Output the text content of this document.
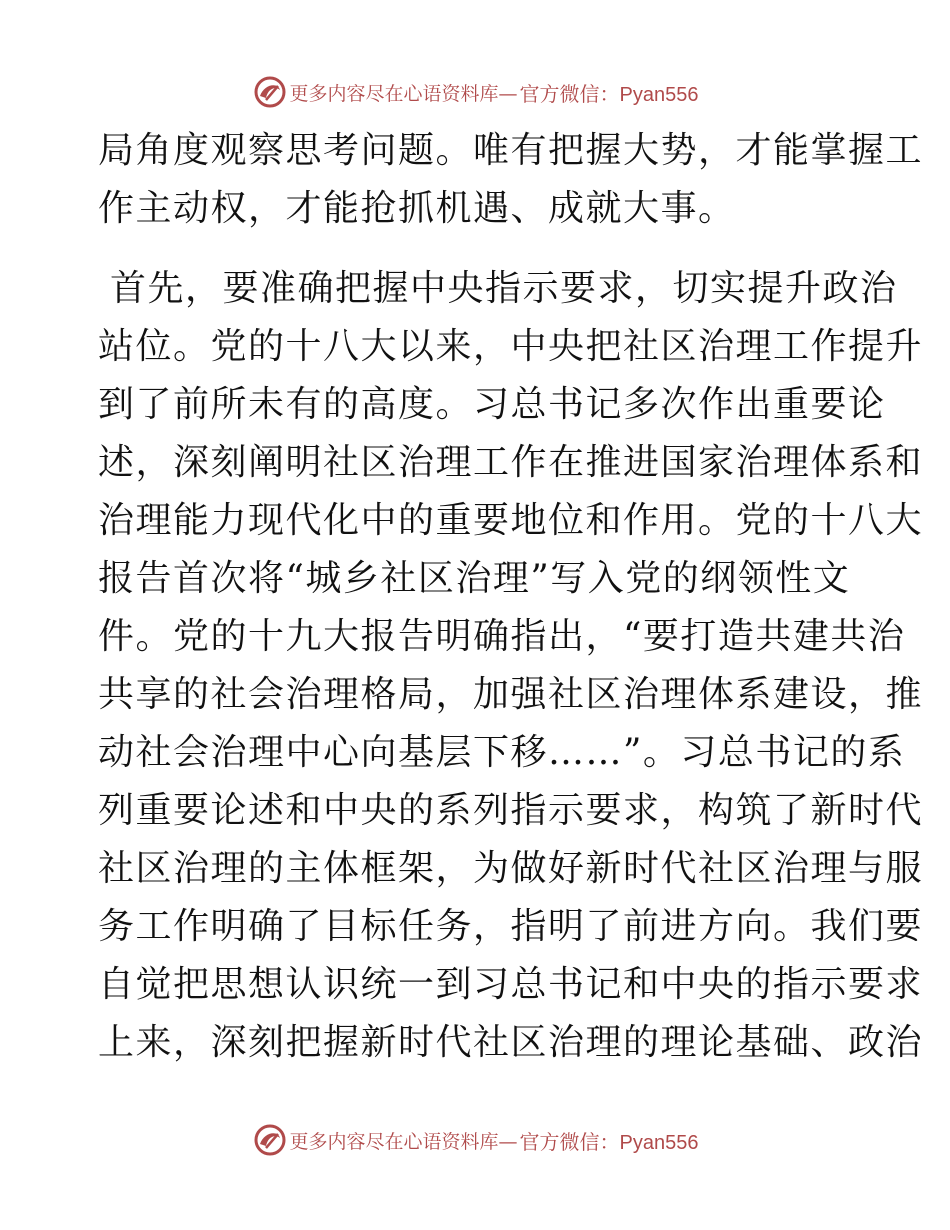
更多内容尽在心语资料库— 官方微信：Pyan556
局角度观察思考问题。唯有把握大势，才能掌握工
作主动权，才能抢抓机遇、成就大事。
首先，要准确把握中央指示要求，切实提升政治
站位。党的十八大以来，中央把社区治理工作提升
到了前所未有的高度。习总书记多次作出重要论
述，深刻阐明社区治理工作在推进国家治理体系和
治理能力现代化中的重要地位和作用。党的十八大
报告首次将“城乡社区治理”写入党的纲领性文
件。党的十九大报告明确指出，“要打造共建共治
共享的社会治理格局，加强社区治理体系建设，推
动社会治理中心向基层下移……”。习总书记的系
列重要论述和中央的系列指示要求，构筑了新时代
社区治理的主体框架，为做好新时代社区治理与服
务工作明确了目标任务，指明了前进方向。我们要
自觉把思想认识统一到习总书记和中央的指示要求
上来，深刻把握新时代社区治理的理论基础、政治
更多内容尽在心语资料库— 官方微信：Pyan556
